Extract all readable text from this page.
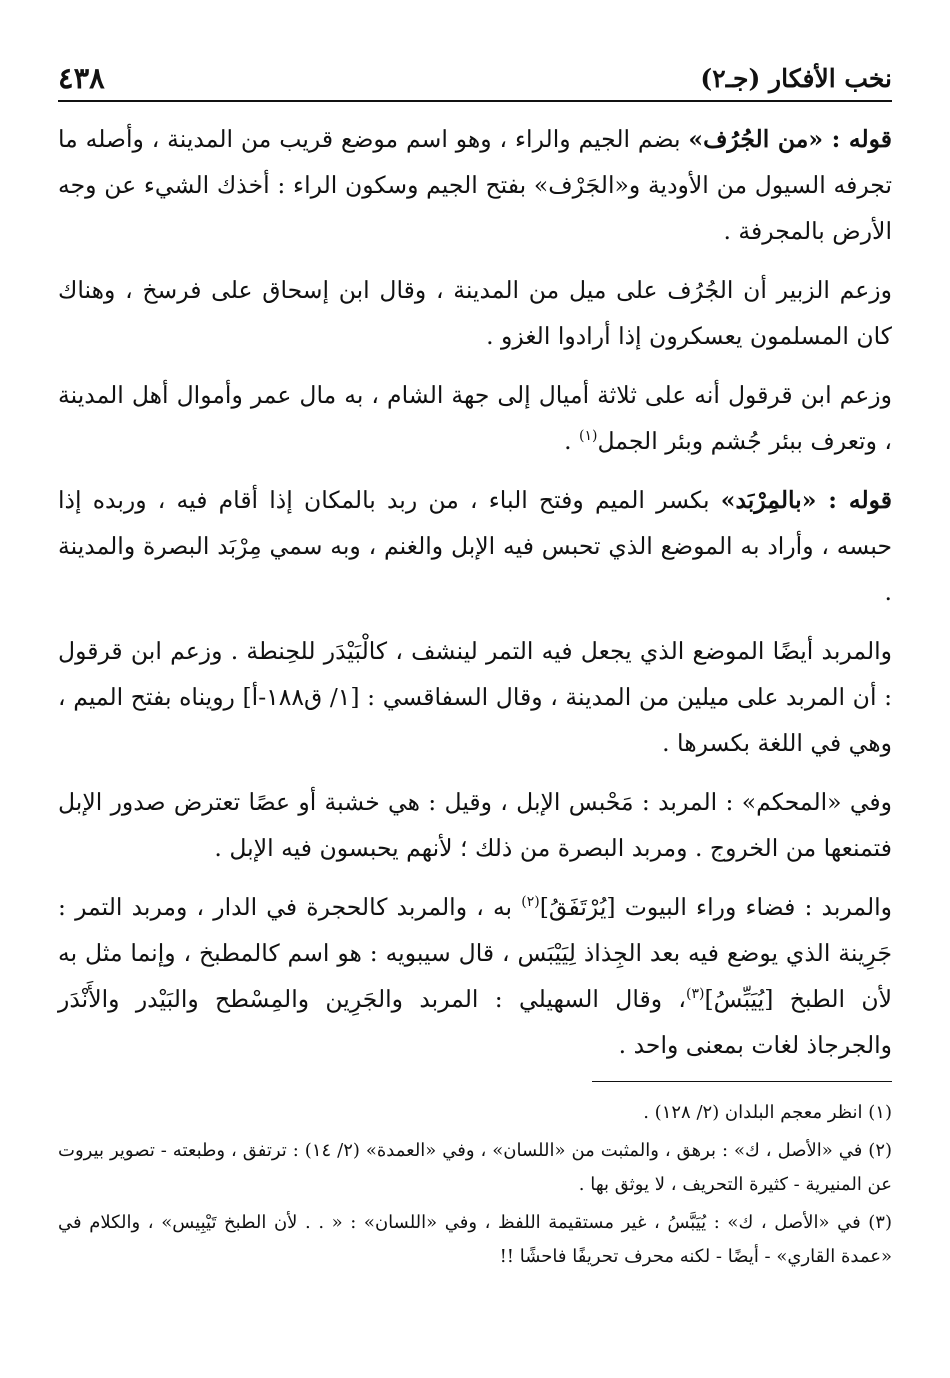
نخب الأفكار (جـ٢)
٤٣٨

قوله : «من الجُرُف» بضم الجيم والراء ، وهو اسم موضع قريب من المدينة ، وأصله ما تجرفه السيول من الأودية و«الجَرْف» بفتح الجيم وسكون الراء : أخذك الشيء عن وجه الأرض بالمجرفة .

وزعم الزبير أن الجُرُف على ميل من المدينة ، وقال ابن إسحاق على فرسخ ، وهناك كان المسلمون يعسكرون إذا أرادوا الغزو .

وزعم ابن قرقول أنه على ثلاثة أميال إلى جهة الشام ، به مال عمر وأموال أهل المدينة ، وتعرف ببئر جُشم وبئر الجمل$^{(١)}$ .

قوله : «بالمِرْبَد» بكسر الميم وفتح الباء ، من ربد بالمكان إذا أقام فيه ، وربده إذا حبسه ، وأراد به الموضع الذي تحبس فيه الإبل والغنم ، وبه سمي مِرْبَد البصرة والمدينة .

والمربد أيضًا الموضع الذي يجعل فيه التمر لينشف ، كالْبَيْدَر للحِنطة . وزعم ابن قرقول : أن المربد على ميلين من المدينة ، وقال السفاقسي : [١/ ق١٨٨-أ] رويناه بفتح الميم ، وهي في اللغة بكسرها .

وفي «المحكم» : المربد : مَحْبس الإبل ، وقيل : هي خشبة أو عصًا تعترض صدور الإبل فتمنعها من الخروج . ومربد البصرة من ذلك ؛ لأنهم يحبسون فيه الإبل .

والمربد : فضاء وراء البيوت [يُرْتَفَقُ]$^{(٢)}$ به ، والمربد كالحجرة في الدار ، ومربد التمر : جَرِينة الذي يوضع فيه بعد الجِذاذ لِيَيْبَس ، قال سيبويه : هو اسم كالمطبخ ، وإنما مثل به لأن الطبخ [يُيَبِّسُ]$^{(٣)}$، وقال السهيلي : المربد والجَرِين والمِسْطح والبَيْدر والأَنْدَر والجرجاذ لغات بمعنى واحد .

(١) انظر معجم البلدان (٢/ ١٢٨) .

(٢) في «الأصل ، ك» : برهق ، والمثبت من «اللسان» ، وفي «العمدة» (٢/ ١٤) : ترتفق ، وطبعته - تصوير بيروت عن المنيرية - كثيرة التحريف ، لا يوثق بها .

(٣) في «الأصل ، ك» : يُيَبَّسُ ، غير مستقيمة اللفظ ، وفي «اللسان» : « . . لأن الطبخ تَيْبِيس» ، والكلام في «عمدة القاري» - أيضًا - لكنه محرف تحريفًا فاحشًا !!
